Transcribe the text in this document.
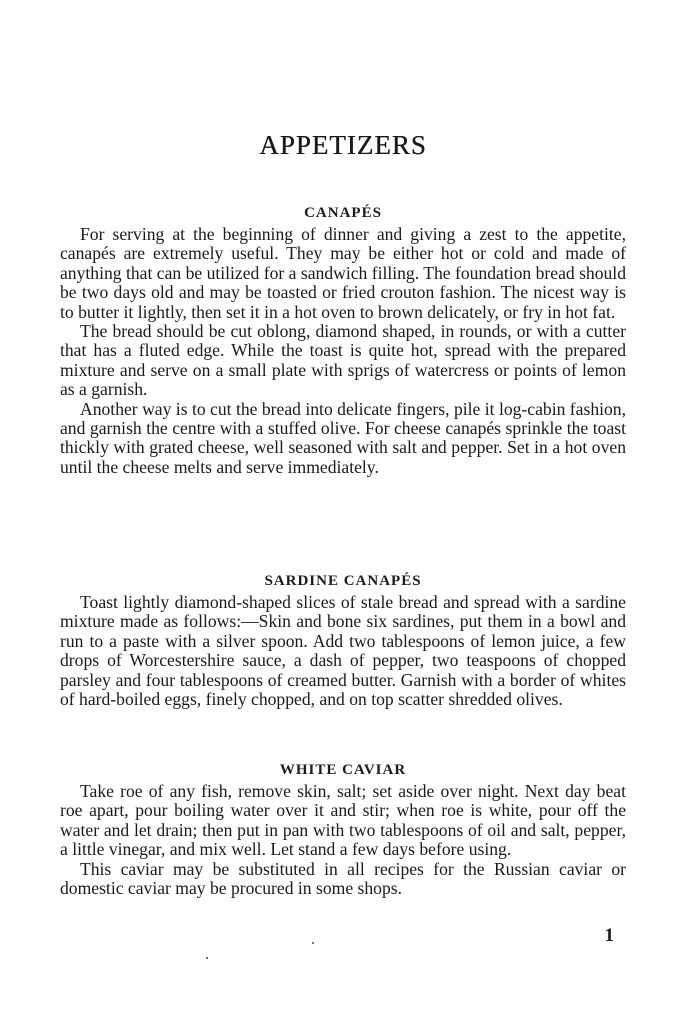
APPETIZERS
CANAPÉS

For serving at the beginning of dinner and giving a zest to the appetite, canapés are extremely useful. They may be either hot or cold and made of anything that can be utilized for a sandwich filling. The foundation bread should be two days old and may be toasted or fried crouton fashion. The nicest way is to butter it lightly, then set it in a hot oven to brown delicately, or fry in hot fat.

The bread should be cut oblong, diamond shaped, in rounds, or with a cutter that has a fluted edge. While the toast is quite hot, spread with the prepared mixture and serve on a small plate with sprigs of watercress or points of lemon as a garnish.

Another way is to cut the bread into delicate fingers, pile it log-cabin fashion, and garnish the centre with a stuffed olive. For cheese canapés sprinkle the toast thickly with grated cheese, well seasoned with salt and pepper. Set in a hot oven until the cheese melts and serve immediately.

SARDINE CANAPÉS

Toast lightly diamond-shaped slices of stale bread and spread with a sardine mixture made as follows:—Skin and bone six sardines, put them in a bowl and run to a paste with a silver spoon. Add two tablespoons of lemon juice, a few drops of Worcestershire sauce, a dash of pepper, two teaspoons of chopped parsley and four tablespoons of creamed butter. Garnish with a border of whites of hard-boiled eggs, finely chopped, and on top scatter shredded olives.

WHITE CAVIAR

Take roe of any fish, remove skin, salt; set aside over night. Next day beat roe apart, pour boiling water over it and stir; when roe is white, pour off the water and let drain; then put in pan with two tablespoons of oil and salt, pepper, a little vinegar, and mix well. Let stand a few days before using.

This caviar may be substituted in all recipes for the Russian caviar or domestic caviar may be procured in some shops.

1
